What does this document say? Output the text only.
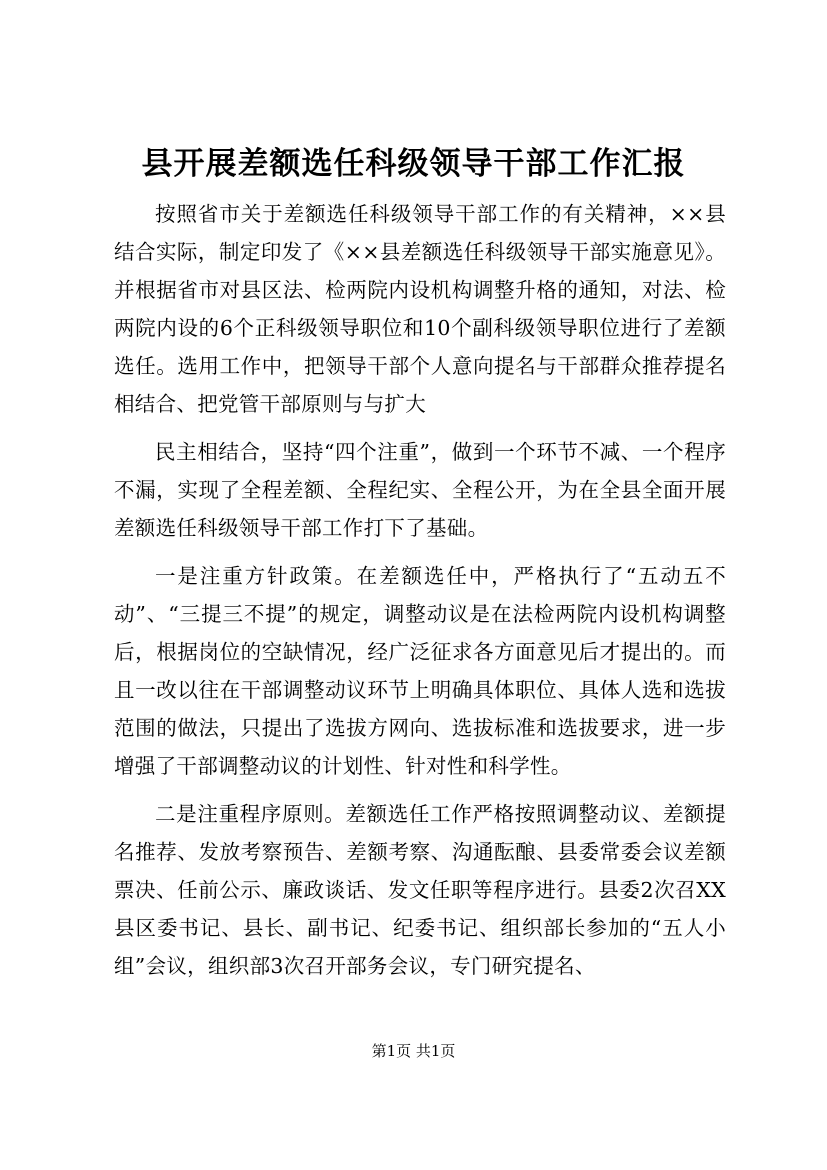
县开展差额选任科级领导干部工作汇报

按照省市关于差额选任科级领导干部工作的有关精神，××县结合实际，制定印发了《××县差额选任科级领导干部实施意见》。并根据省市对县区法、检两院内设机构调整升格的通知，对法、检两院内设的6个正科级领导职位和10个副科级领导职位进行了差额选任。选用工作中，把领导干部个人意向提名与干部群众推荐提名相结合、把党管干部原则与与扩大

民主相结合，坚持“四个注重”，做到一个环节不减、一个程序不漏，实现了全程差额、全程纪实、全程公开，为在全县全面开展差额选任科级领导干部工作打下了基础。

一是注重方针政策。在差额选任中，严格执行了“五动五不动”、“三提三不提”的规定，调整动议是在法检两院内设机构调整后，根据岗位的空缺情况，经广泛征求各方面意见后才提出的。而且一改以往在干部调整动议环节上明确具体职位、具体人选和选拔范围的做法，只提出了选拔方网向、选拔标准和选拔要求，进一步增强了干部调整动议的计划性、针对性和科学性。

二是注重程序原则。差额选任工作严格按照调整动议、差额提名推荐、发放考察预告、差额考察、沟通酝酿、县委常委会议差额票决、任前公示、廉政谈话、发文任职等程序进行。县委2次召XX县区委书记、县长、副书记、纪委书记、组织部长参加的“五人小组”会议，组织部3次召开部务会议，专门研究提名、

第1页 共1页
